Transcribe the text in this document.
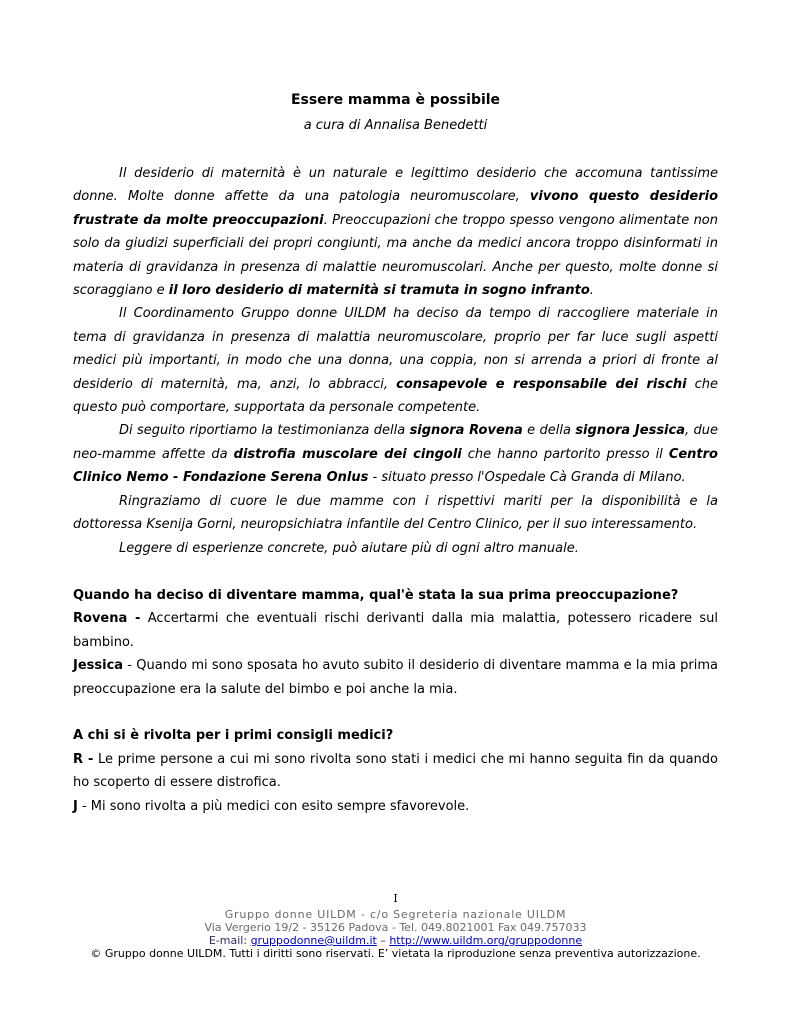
Essere mamma è possibile
a cura di Annalisa Benedetti

Il desiderio di maternità è un naturale e legittimo desiderio che accomuna tantissime donne. Molte donne affette da una patologia neuromuscolare, vivono questo desiderio frustrate da molte preoccupazioni. Preoccupazioni che troppo spesso vengono alimentate non solo da giudizi superficiali dei propri congiunti, ma anche da medici ancora troppo disinformati in materia di gravidanza in presenza di malattie neuromuscolari. Anche per questo, molte donne si scoraggiano e il loro desiderio di maternità si tramuta in sogno infranto.

Il Coordinamento Gruppo donne UILDM ha deciso da tempo di raccogliere materiale in tema di gravidanza in presenza di malattia neuromuscolare, proprio per far luce sugli aspetti medici più importanti, in modo che una donna, una coppia, non si arrenda a priori di fronte al desiderio di maternità, ma, anzi, lo abbracci, consapevole e responsabile dei rischi che questo può comportare, supportata da personale competente.

Di seguito riportiamo la testimonianza della signora Rovena e della signora Jessica, due neo-mamme affette da distrofia muscolare dei cingoli che hanno partorito presso il Centro Clinico Nemo - Fondazione Serena Onlus - situato presso l'Ospedale Cà Granda di Milano.

Ringraziamo di cuore le due mamme con i rispettivi mariti per la disponibilità e la dottoressa Ksenija Gorni, neuropsichiatra infantile del Centro Clinico, per il suo interessamento.

Leggere di esperienze concrete, può aiutare più di ogni altro manuale.

Quando ha deciso di diventare mamma, qual'è stata la sua prima preoccupazione?

Rovena - Accertarmi che eventuali rischi derivanti dalla mia malattia, potessero ricadere sul bambino.

Jessica - Quando mi sono sposata ho avuto subito il desiderio di diventare mamma e la mia prima preoccupazione era la salute del bimbo e poi anche la mia.

A chi si è rivolta per i primi consigli medici?

R - Le prime persone a cui mi sono rivolta sono stati i medici che mi hanno seguita fin da quando ho scoperto di essere distrofica.

J - Mi sono rivolta a più medici con esito sempre sfavorevole.

I
Gruppo donne UILDM - c/o Segreteria nazionale UILDM
Via Vergerio 19/2 - 35126 Padova - Tel. 049.8021001 Fax 049.757033
E-mail: gruppodonne@uildm.it – http://www.uildm.org/gruppodonne
© Gruppo donne UILDM. Tutti i diritti sono riservati. E’ vietata la riproduzione senza preventiva autorizzazione.
